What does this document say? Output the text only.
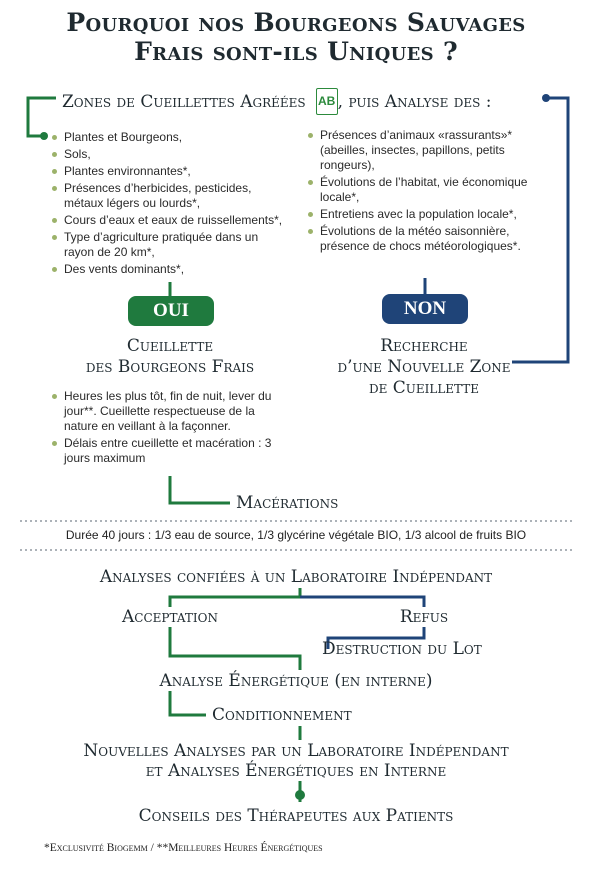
Pourquoi nos Bourgeons Sauvages
Frais sont-ils Uniques ?
Zones de Cueillettes Agréées AB , puis Analyse des :
Plantes et Bourgeons,
Sols,
Plantes environnantes*,
Présences d’herbicides, pesticides, métaux légers ou lourds*,
Cours d’eaux et eaux de ruissellements*,
Type d’agriculture pratiquée dans un rayon de 20 km*,
Des vents dominants*,
Présences d’animaux «rassurants»* (abeilles, insectes, papillons, petits rongeurs),
Évolutions de l’habitat, vie économique locale*,
Entretiens avec la population locale*,
Évolutions de la météo saisonnière, présence de chocs météorologiques*.
OUI	NON
Cueillette
des Bourgeons Frais
Recherche
d’une Nouvelle Zone
de Cueillette
Heures les plus tôt, fin de nuit, lever du jour**. Cueillette respectueuse de la nature en veillant à la façonner.
Délais entre cueillette et macération : 3 jours maximum
Macérations
Durée 40 jours : 1/3 eau de source, 1/3 glycérine végétale BIO, 1/3 alcool de fruits BIO
Analyses confiées à un Laboratoire Indépendant
Acceptation	Refus
Destruction du Lot
Analyse Énergétique (en interne)
Conditionnement
Nouvelles Analyses par un Laboratoire Indépendant
et Analyses Énergétiques en Interne
Conseils des Thérapeutes aux Patients
*Exclusivité Biogemm / **Meilleures Heures Énergétiques
